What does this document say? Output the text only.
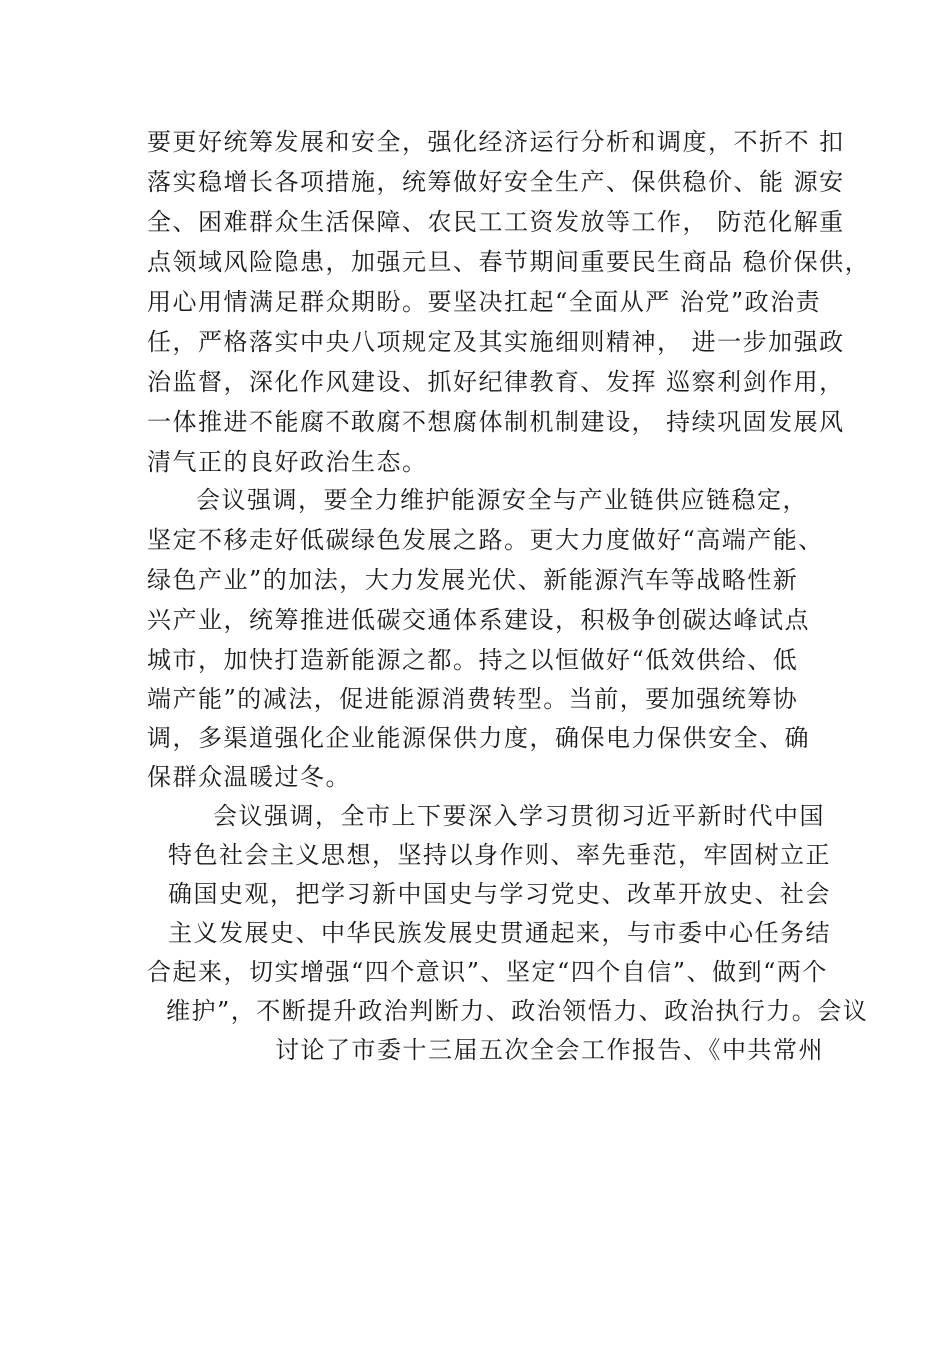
要更好统筹发展和安全，强化经济运行分析和调度，不折不 扣
落实稳增长各项措施，统筹做好安全生产、保供稳价、能 源安
全、困难群众生活保障、农民工工资发放等工作， 防范化解重
点领域风险隐患，加强元旦、春节期间重要民生商品 稳价保供，
用心用情满足群众期盼。要坚决扛起“全面从严 治党”政治责
任，严格落实中央八项规定及其实施细则精神， 进一步加强政
治监督，深化作风建设、抓好纪律教育、发挥 巡察利剑作用，
一体推进不能腐不敢腐不想腐体制机制建设， 持续巩固发展风
清气正的良好政治生态。
会议强调，要全力维护能源安全与产业链供应链稳定，
坚定不移走好低碳绿色发展之路。更大力度做好“高端产能、
绿色产业”的加法，大力发展光伏、新能源汽车等战略性新
兴产业，统筹推进低碳交通体系建设，积极争创碳达峰试点
城市，加快打造新能源之都。持之以恒做好“低效供给、低
端产能”的减法，促进能源消费转型。当前，要加强统筹协
调，多渠道强化企业能源保供力度，确保电力保供安全、确
保群众温暖过冬。
会议强调，全市上下要深入学习贯彻习近平新时代中国
特色社会主义思想，坚持以身作则、率先垂范，牢固树立正
确国史观，把学习新中国史与学习党史、改革开放史、社会
主义发展史、中华民族发展史贯通起来，与市委中心任务结
合起来，切实增强“四个意识”、坚定“四个自信”、做到“两个
维护”，不断提升政治判断力、政治领悟力、政治执行力。会议
讨论了市委十三届五次全会工作报告、《中共常州
